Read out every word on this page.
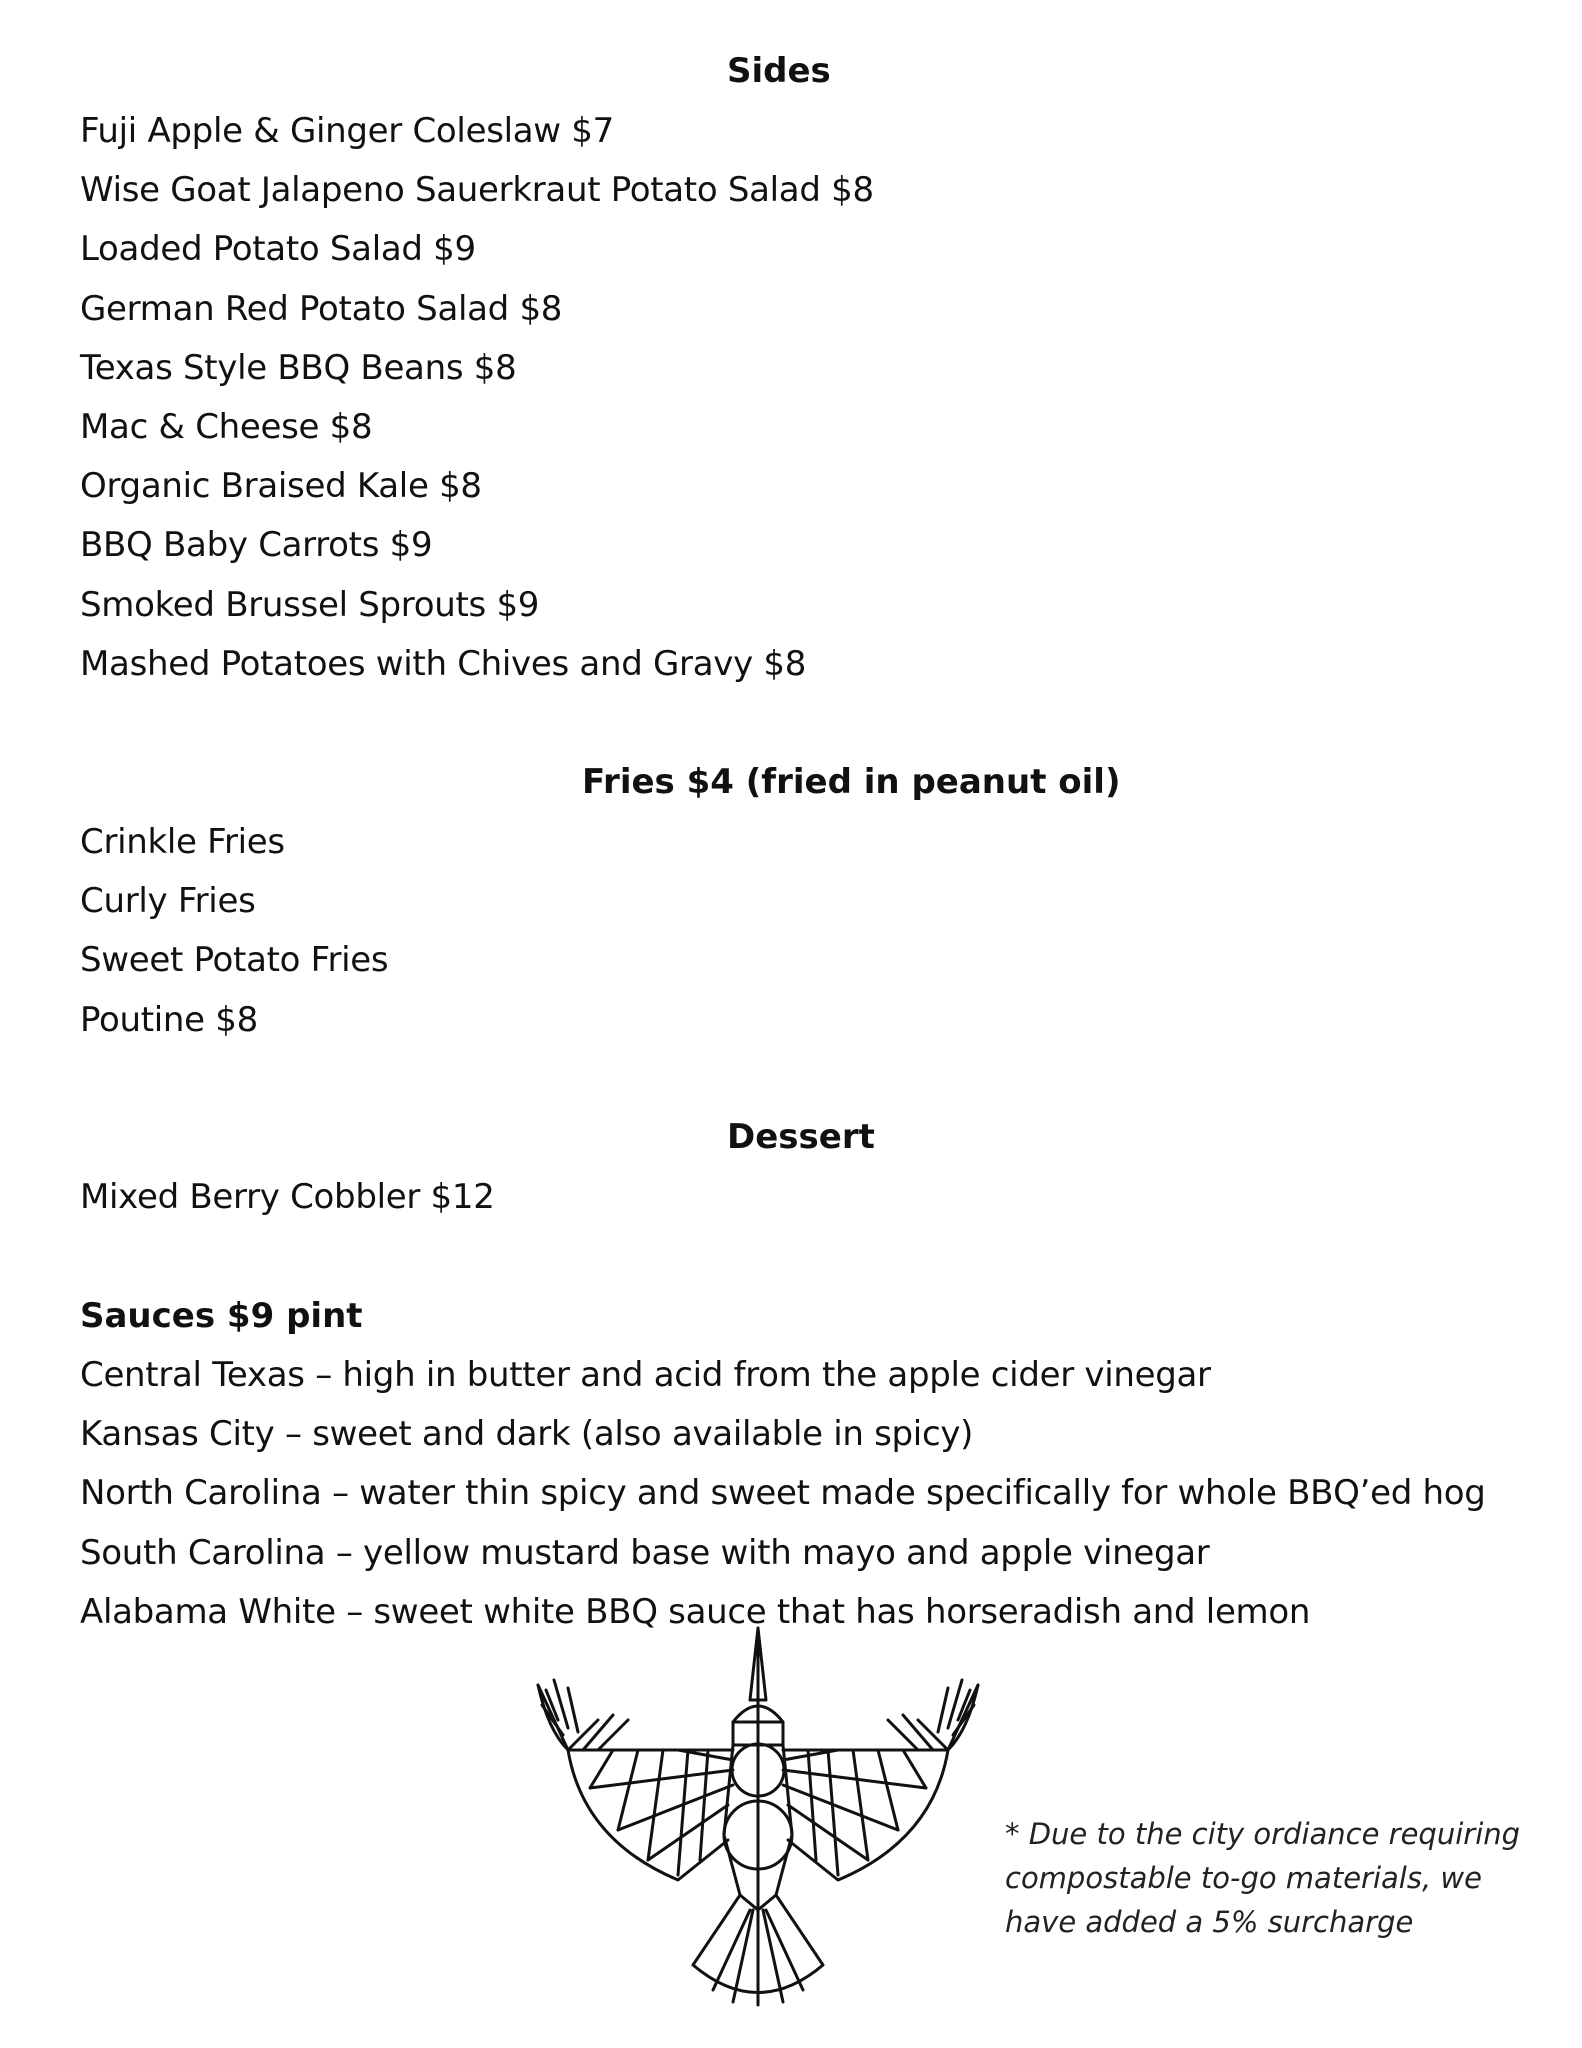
Sides
Fuji Apple & Ginger Coleslaw $7
Wise Goat Jalapeno Sauerkraut Potato Salad $8
Loaded Potato Salad $9
German Red Potato Salad $8
Texas Style BBQ Beans $8
Mac & Cheese $8
Organic Braised Kale $8
BBQ Baby Carrots $9
Smoked Brussel Sprouts $9
Mashed Potatoes with Chives and Gravy $8
Fries $4 (fried in peanut oil)
Crinkle Fries
Curly Fries
Sweet Potato Fries
Poutine $8
Dessert
Mixed Berry Cobbler $12
Sauces $9 pint
Central Texas – high in butter and acid from the apple cider vinegar
Kansas City – sweet and dark (also available in spicy)
North Carolina – water thin spicy and sweet made specifically for whole BBQ’ed hog
South Carolina – yellow mustard base with mayo and apple vinegar
Alabama White – sweet white BBQ sauce that has horseradish and lemon
* Due to the city ordiance requiring
compostable to-go materials, we
have added a 5% surcharge
